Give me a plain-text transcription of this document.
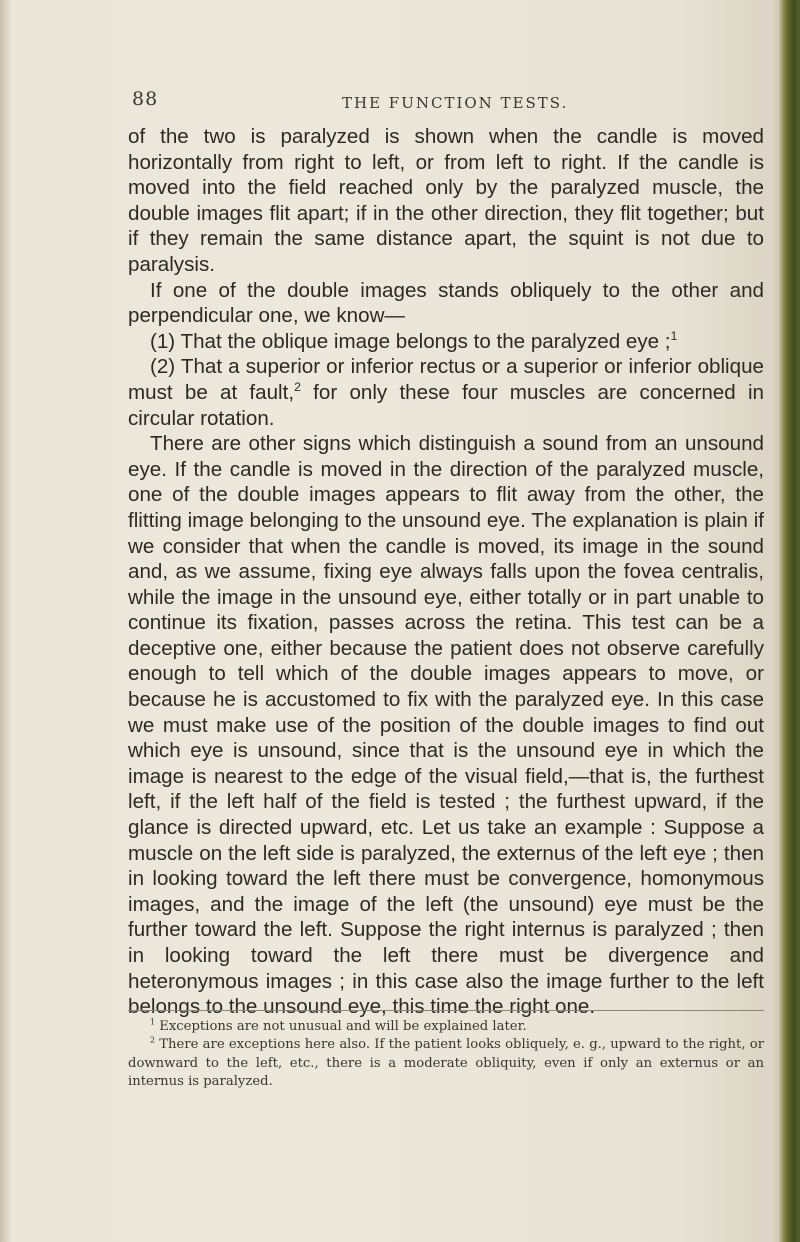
88	THE FUNCTION TESTS.

of the two is paralyzed is shown when the candle is moved horizontally from right to left, or from left to right. If the candle is moved into the field reached only by the paralyzed muscle, the double images flit apart; if in the other direction, they flit together; but if they remain the same distance apart, the squint is not due to paralysis.

If one of the double images stands obliquely to the other and perpendicular one, we know—

(1) That the oblique image belongs to the paralyzed eye ;$^1$

(2) That a superior or inferior rectus or a superior or inferior oblique must be at fault,$^2$ for only these four muscles are concerned in circular rotation.

There are other signs which distinguish a sound from an unsound eye. If the candle is moved in the direction of the paralyzed muscle, one of the double images appears to flit away from the other, the flitting image belonging to the unsound eye. The explanation is plain if we consider that when the candle is moved, its image in the sound and, as we assume, fixing eye always falls upon the fovea centralis, while the image in the unsound eye, either totally or in part unable to continue its fixation, passes across the retina. This test can be a deceptive one, either because the patient does not observe carefully enough to tell which of the double images appears to move, or because he is accustomed to fix with the paralyzed eye. In this case we must make use of the position of the double images to find out which eye is unsound, since that is the unsound eye in which the image is nearest to the edge of the visual field,—that is, the furthest left, if the left half of the field is tested ; the furthest upward, if the glance is directed upward, etc. Let us take an example : Suppose a muscle on the left side is paralyzed, the externus of the left eye ; then in looking toward the left there must be convergence, homonymous images, and the image of the left (the unsound) eye must be the further toward the left. Suppose the right internus is paralyzed ; then in looking toward the left there must be divergence and heteronymous images ; in this case also the image further to the left belongs to the unsound eye, this time the right one.

$^1$ Exceptions are not unusual and will be explained later.

$^2$ There are exceptions here also. If the patient looks obliquely, e. g., upward to the right, or downward to the left, etc., there is a moderate obliquity, even if only an externus or an internus is paralyzed.
